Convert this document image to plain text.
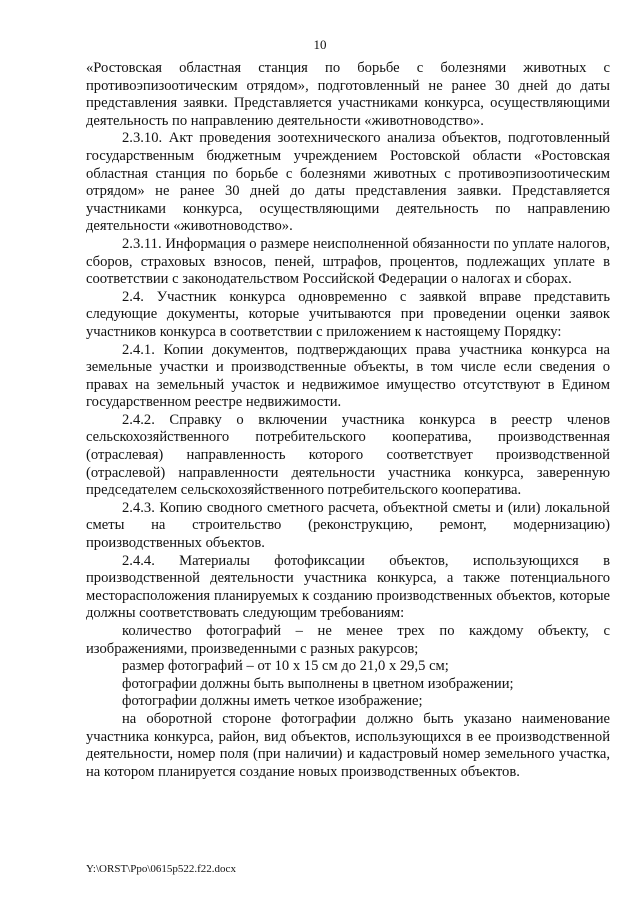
10

«Ростовская областная станция по борьбе с болезнями животных с противоэпизоотическим отрядом», подготовленный не ранее 30 дней до даты представления заявки. Представляется участниками конкурса, осуществляющими деятельность по направлению деятельности «животноводство».

2.3.10. Акт проведения зоотехнического анализа объектов, подготовленный государственным бюджетным учреждением Ростовской области «Ростовская областная станция по борьбе с болезнями животных с противоэпизоотическим отрядом» не ранее 30 дней до даты представления заявки. Представляется участниками конкурса, осуществляющими деятельность по направлению деятельности «животноводство».

2.3.11. Информация о размере неисполненной обязанности по уплате налогов, сборов, страховых взносов, пеней, штрафов, процентов, подлежащих уплате в соответствии с законодательством Российской Федерации о налогах и сборах.

2.4. Участник конкурса одновременно с заявкой вправе представить следующие документы, которые учитываются при проведении оценки заявок участников конкурса в соответствии с приложением к настоящему Порядку:

2.4.1. Копии документов, подтверждающих права участника конкурса на земельные участки и производственные объекты, в том числе если сведения о правах на земельный участок и недвижимое имущество отсутствуют в Едином государственном реестре недвижимости.

2.4.2. Справку о включении участника конкурса в реестр членов сельскохозяйственного потребительского кооператива, производственная (отраслевая) направленность которого соответствует производственной (отраслевой) направленности деятельности участника конкурса, заверенную председателем сельскохозяйственного потребительского кооператива.

2.4.3. Копию сводного сметного расчета, объектной сметы и (или) локальной сметы на строительство (реконструкцию, ремонт, модернизацию) производственных объектов.

2.4.4. Материалы фотофиксации объектов, использующихся в производственной деятельности участника конкурса, а также потенциального месторасположения планируемых к созданию производственных объектов, которые должны соответствовать следующим требованиям:

количество фотографий – не менее трех по каждому объекту, с изображениями, произведенными с разных ракурсов;

размер фотографий – от 10 х 15 см до 21,0 х 29,5 см;

фотографии должны быть выполнены в цветном изображении;

фотографии должны иметь четкое изображение;

на оборотной стороне фотографии должно быть указано наименование участника конкурса, район, вид объектов, использующихся в ее производственной деятельности, номер поля (при наличии) и кадастровый номер земельного участка, на котором планируется создание новых производственных объектов.

Y:\ORST\Ppo\0615p522.f22.docx
